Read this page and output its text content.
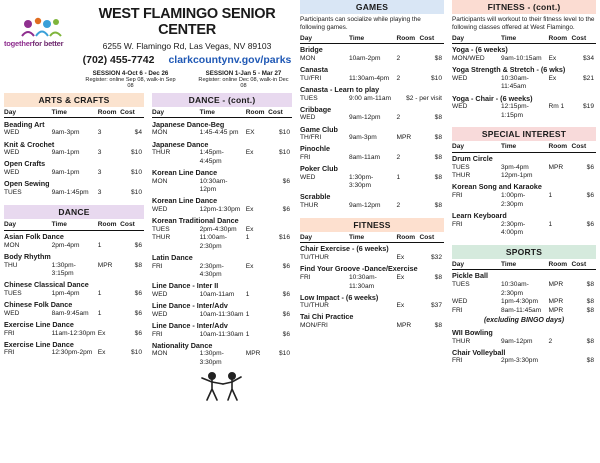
togetherfor better
WEST FLAMINGO SENIOR CENTER
6255 W. Flamingo Rd, Las Vegas, NV 89103
(702) 455-7742 clarkcountynv.gov/parks
SESSION 4-Oct 6 - Dec 26
Register: online Sep 08, walk-in Sep 08
SESSION 1-Jan 5 - Mar 27
Register: online Dec 08, walk-in Dec 08
ARTS & CRAFTS
Day	Time	Room	Cost

Beading Art			

WED	9am-3pm	3	$4

Knit & Crochet			

WED	9am-1pm	3	$10

Open Crafts			

WED	9am-1pm	3	$10

Open Sewing			

TUES	9am-1:45pm	3	$10
DANCE
Day	Time	Room	Cost

Asian Folk Dance			

MON	2pm-4pm	1	$6

Body Rhythm			

THU	1:30pm-3:15pm	MPR	$8

Chinese Classical Dance			

TUES	1pm-4pm	1	$6

Chinese Folk Dance			

WED	8am-9:45am	1	$6

Exercise Line Dance			

FRI	11am-12:30pm	Ex	$6

Exercise Line Dance			

FRI	12:30pm-2pm	Ex	$10
DANCE - (cont.)
Day	Time	Room	Cost

Japanese Dance-Beg			

MON	1:45-4:45 pm	EX	$10

Japanese Dance			

THUR	1:45pm-4:45pm	Ex	$10

Korean Line Dance			

MON	10:30am-12pm		$6

Korean Line Dance			

WED	12pm-1:30pm	Ex	$6

Korean Traditional Dance			

TUES	2pm-4:30pm	Ex	
THUR	11:00am-2:30pm	1	$16

Latin Dance			

FRI	2:30pm-4:30pm	Ex	$6

Line Dance - Inter II			

WED	10am-11am	1	$6

Line Dance - Inter/Adv			

WED	10am-11:30am	1	$6

Line Dance - Inter/Adv			

FRI	10am-11:30am	1	$6

Nationality Dance			

MON	1:30pm-3:30pm	MPR	$10
GAMES
Participants can socialize while playing the following games.
Day	Time	Room	Cost

Bridge			

MON	10am-2pm	2	$8

Canasta			

TU/FRI	11:30am-4pm	2	$10

Canasta - Learn to play			

TUES	9:00 am-11am	$2 - per visit	

Cribbage			

WED	9am-12pm	2	$8

Game Club			

TH/FRI	9am-3pm	MPR	$8

Pinochle			

FRI	8am-11am	2	$8

Poker Club			

WED	1:30pm-3:30pm	1	$8

Scrabble			

THUR	9am-12pm	2	$8
FITNESS
Day	Time	Room	Cost

Chair Exercise - (6 weeks)			

TU/THUR		Ex	$32

Find Your Groove -Dance/Exercise			

FRI	10:30am-11:30am	Ex	$8

Low Impact - (6 weeks)			

TU/THUR		Ex	$37

Tai Chi Practice			

MON/FRI		MPR	$8
FITNESS - (cont.)
Participants will workout to their fitness level to the following classes offered at West Flamingo.
Day	Time	Room	Cost

Yoga - (6 weeks)			

MON/WED	9am-10:15am	Ex	$34

Yoga Strength & Stretch - (6 wks)			

WED	10:30am-11:45am	Ex	$21

Yoga - Chair - (6 weeks)			

WED	12:15pm-1:15pm	Rm 1	$19
SPECIAL INTEREST
Day	Time	Room	Cost

Drum Circle			

TUES	3pm-4pm	MPR	$6
THUR	12pm-1pm		

Korean Song and Karaoke			

FRI	1:00pm-2:30pm	1	$6

Learn Keyboard			

FRI	2:30pm-4:00pm	1	$6
SPORTS
Day	Time	Room	Cost

Pickle Ball			

TUES	10:30am-2:30pm	MPR	$8
WED	1pm-4:30pm	MPR	$8
FRI	8am-11:45am	MPR	$8
(excluding BINGO days)
WII Bowling			

THUR	9am-12pm	2	$8

Chair Volleyball			

FRI	2pm-3:30pm		$8
